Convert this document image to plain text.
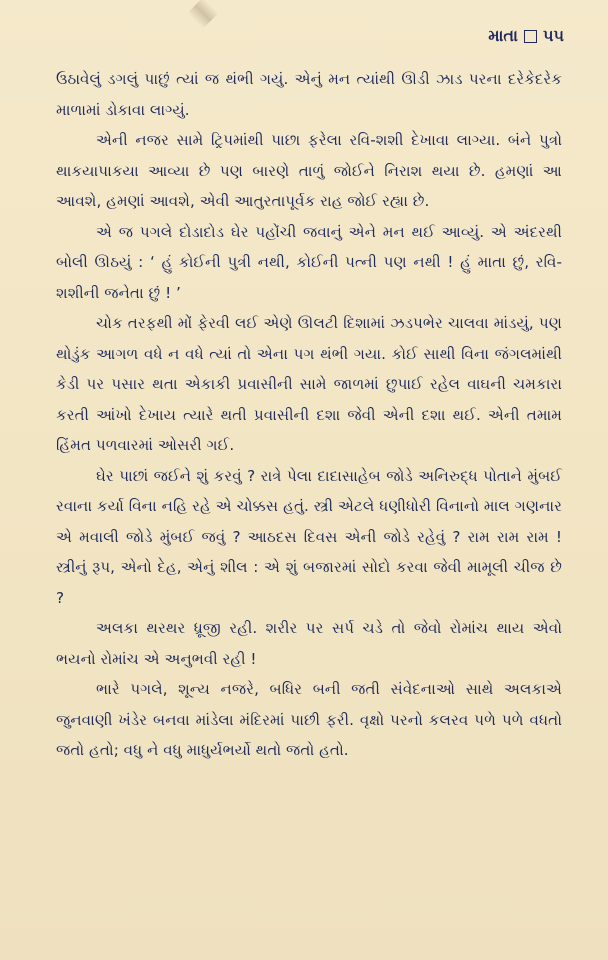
માતા ૫૫

ઉઠાવેલું ડગલું પાછું ત્યાં જ થંભી ગયું. એનું મન ત્યાંથી ઊડી ઝાડ પરના દરેકેદરેક માળામાં ડોકાવા લાગ્યું.

એની નજર સામે ટ્રિપમાંથી પાછા ફરેલા રવિ-શશી દેખાવા લાગ્યા. બંને પુત્રો થાકયાપાકયા આવ્યા છે પણ બારણે તાળું જોઈને નિરાશ થયા છે. હમણાં આ આવશે, હમણાં આવશે, એવી આતુરતાપૂર્વક રાહ જોઈ રહ્યા છે.

એ જ પગલે દોડાદોડ ઘેર પહોંચી જવાનું એને મન થઈ આવ્યું. એ અંદરથી બોલી ઊઠયું : ‘ હું કોઈની પુત્રી નથી, કોઈની પત્ની પણ નથી ! હું માતા છું, રવિ-શશીની જનેતા છું ! ’

ચોક તરફથી મોં ફેરવી લઈ એણે ઊલટી દિશામાં ઝડપભેર ચાલવા માંડયું, પણ થોડુંક આગળ વધે ન વધે ત્યાં તો એના પગ થંભી ગયા. કોઈ સાથી વિના જંગલમાંથી કેડી પર પસાર થતા એકાકી પ્રવાસીની સામે જાળમાં છુપાઈ રહેલ વાઘની ચમકારા કરતી આંખો દેખાય ત્યારે થતી પ્રવાસીની દશા જેવી એની દશા થઈ. એની તમામ હિંમત પળવારમાં ઓસરી ગઈ.

ઘેર પાછાં જઈને શું કરવું ? રાત્રે પેલા દાદાસાહેબ જોડે અનિરુદ્ધ પોતાને મુંબઈ રવાના કર્યા વિના નહિ રહે એ ચોક્કસ હતું. સ્ત્રી એટલે ધણીધોરી વિનાનો માલ ગણનાર એ મવાલી જોડે મુંબઈ જવું ? આઠદસ દિવસ એની જોડે રહેવું ? રામ રામ રામ ! સ્ત્રીનું રૂપ, એનો દેહ, એનું શીલ : એ શું બજારમાં સોદો કરવા જેવી મામૂલી ચીજ છે ?

અલકા થરથર ધ્રૂજી રહી. શરીર પર સર્પ ચડે તો જેવો રોમાંચ થાય એવો ભયનો રોમાંચ એ અનુભવી રહી !

ભારે પગલે, શૂન્ય નજરે, બધિર બની જતી સંવેદનાઓ સાથે અલકાએ જુનવાણી ખંડેર બનવા માંડેલા મંદિરમાં પાછી ફરી. વૃક્ષો પરનો કલરવ પળે પળે વધતો જતો હતો; વધુ ને વધુ માધુર્યભર્યો થતો જતો હતો.
